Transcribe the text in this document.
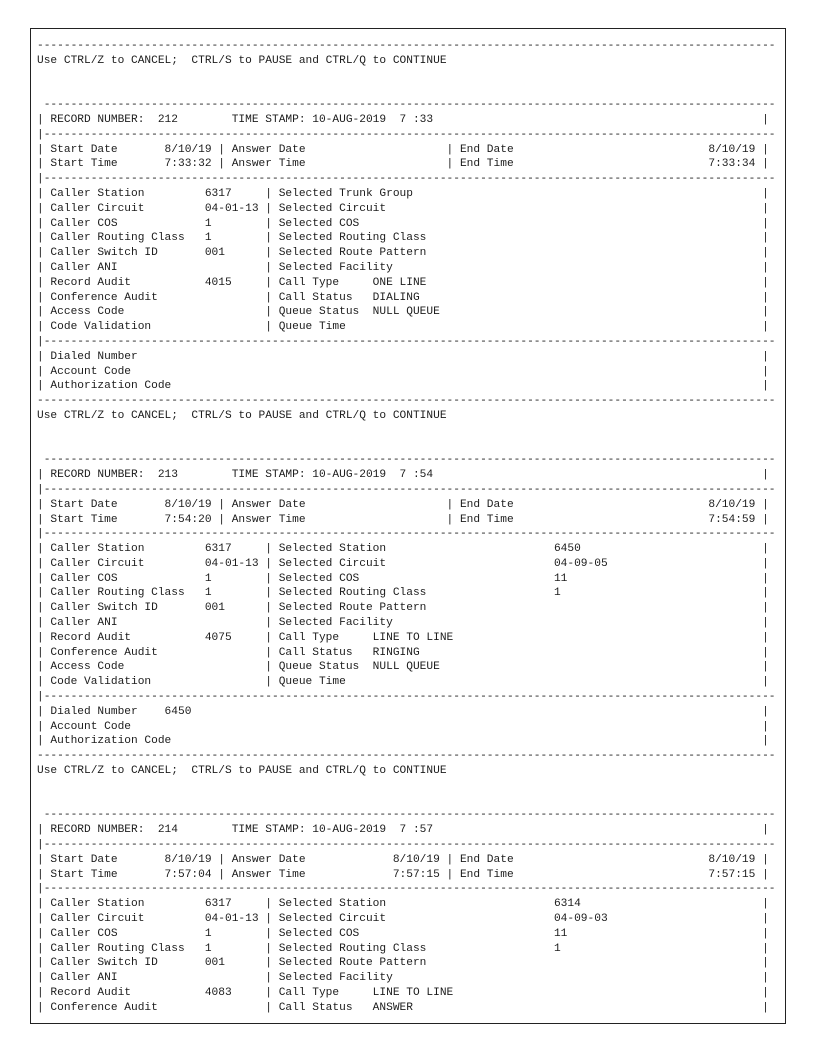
--------------------------------------------------------------------------------------------------------------
Use CTRL/Z to CANCEL;  CTRL/S to PAUSE and CTRL/Q to CONTINUE

-------------------------------------------------------------------------------------------------------------
| RECORD NUMBER:  212        TIME STAMP: 10-AUG-2019  7 :33                                                 |
|-------------------------------------------------------------------------------------------------------------
| Start Date       8/10/19 | Answer Date                     | End Date                             8/10/19 |
| Start Time       7:33:32 | Answer Time                     | End Time                             7:33:34 |
|-------------------------------------------------------------------------------------------------------------
| Caller Station         6317     | Selected Trunk Group                                                    |
| Caller Circuit         04-01-13 | Selected Circuit                                                        |
| Caller COS             1        | Selected COS                                                            |
| Caller Routing Class   1        | Selected Routing Class                                                  |
| Caller Switch ID       001      | Selected Route Pattern                                                  |
| Caller ANI                      | Selected Facility                                                       |
| Record Audit           4015     | Call Type     ONE LINE                                                  |
| Conference Audit                | Call Status   DIALING                                                   |
| Access Code                     | Queue Status  NULL QUEUE                                                |
| Code Validation                 | Queue Time                                                              |
|-------------------------------------------------------------------------------------------------------------
| Dialed Number                                                                                             |
| Account Code                                                                                              |
| Authorization Code                                                                                        |
--------------------------------------------------------------------------------------------------------------
Use CTRL/Z to CANCEL;  CTRL/S to PAUSE and CTRL/Q to CONTINUE

-------------------------------------------------------------------------------------------------------------
| RECORD NUMBER:  213        TIME STAMP: 10-AUG-2019  7 :54                                                 |
|-------------------------------------------------------------------------------------------------------------
| Start Date       8/10/19 | Answer Date                     | End Date                             8/10/19 |
| Start Time       7:54:20 | Answer Time                     | End Time                             7:54:59 |
|-------------------------------------------------------------------------------------------------------------
| Caller Station         6317     | Selected Station                         6450                           |
| Caller Circuit         04-01-13 | Selected Circuit                         04-09-05                       |
| Caller COS             1        | Selected COS                             11                             |
| Caller Routing Class   1        | Selected Routing Class                   1                              |
| Caller Switch ID       001      | Selected Route Pattern                                                  |
| Caller ANI                      | Selected Facility                                                       |
| Record Audit           4075     | Call Type     LINE TO LINE                                              |
| Conference Audit                | Call Status   RINGING                                                   |
| Access Code                     | Queue Status  NULL QUEUE                                                |
| Code Validation                 | Queue Time                                                              |
|-------------------------------------------------------------------------------------------------------------
| Dialed Number    6450                                                                                     |
| Account Code                                                                                              |
| Authorization Code                                                                                        |
--------------------------------------------------------------------------------------------------------------
Use CTRL/Z to CANCEL;  CTRL/S to PAUSE and CTRL/Q to CONTINUE

-------------------------------------------------------------------------------------------------------------
| RECORD NUMBER:  214        TIME STAMP: 10-AUG-2019  7 :57                                                 |
|-------------------------------------------------------------------------------------------------------------
| Start Date       8/10/19 | Answer Date             8/10/19 | End Date                             8/10/19 |
| Start Time       7:57:04 | Answer Time             7:57:15 | End Time                             7:57:15 |
|-------------------------------------------------------------------------------------------------------------
| Caller Station         6317     | Selected Station                         6314                           |
| Caller Circuit         04-01-13 | Selected Circuit                         04-09-03                       |
| Caller COS             1        | Selected COS                             11                             |
| Caller Routing Class   1        | Selected Routing Class                   1                              |
| Caller Switch ID       001      | Selected Route Pattern                                                  |
| Caller ANI                      | Selected Facility                                                       |
| Record Audit           4083     | Call Type     LINE TO LINE                                              |
| Conference Audit                | Call Status   ANSWER                                                    |
